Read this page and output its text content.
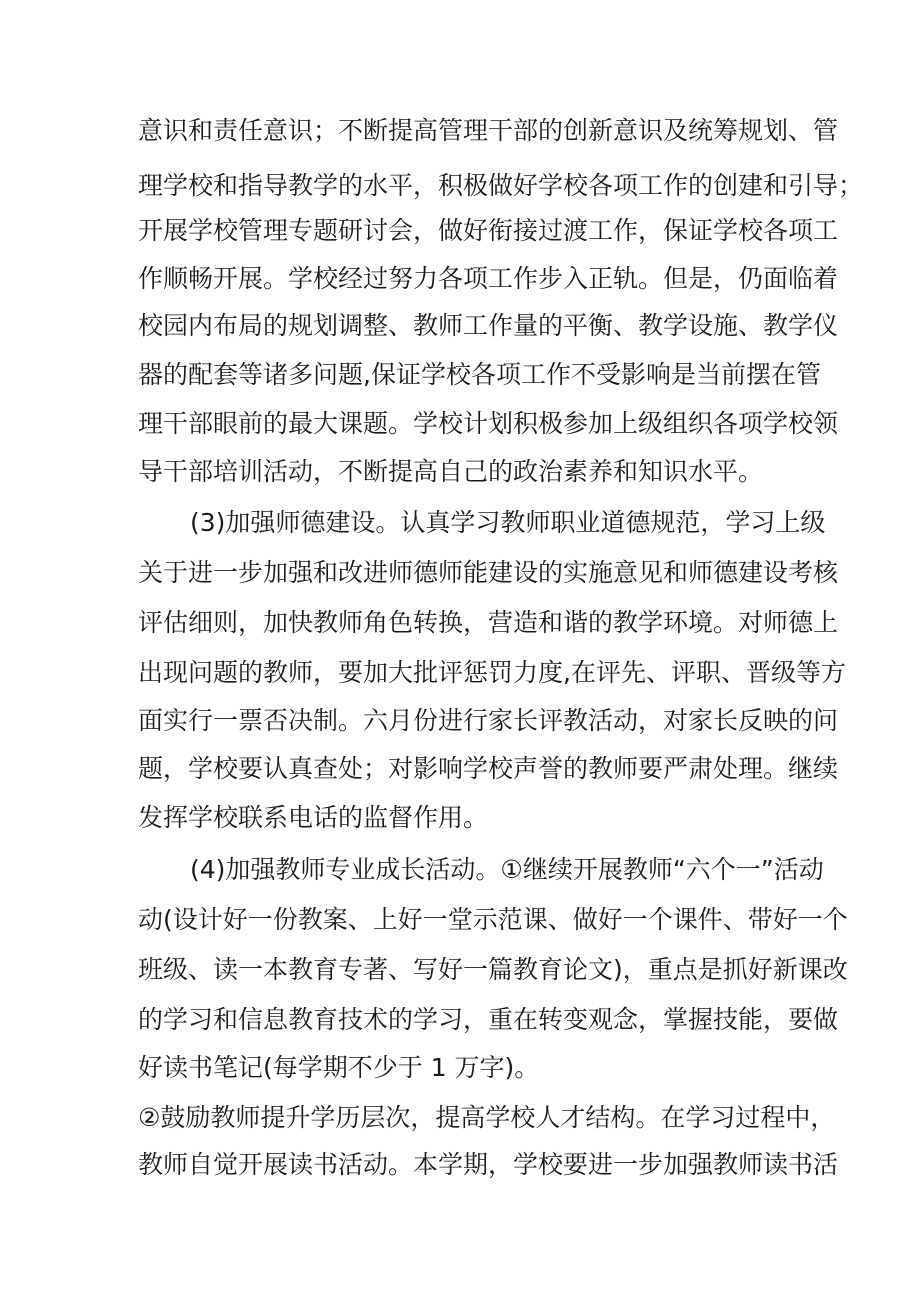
意识和责任意识；不断提高管理干部的创新意识及统筹规划、管
理学校和指导教学的水平，积极做好学校各项工作的创建和引导；
开展学校管理专题研讨会，做好衔接过渡工作，保证学校各项工
作顺畅开展。学校经过努力各项工作步入正轨。但是，仍面临着
校园内布局的规划调整、教师工作量的平衡、教学设施、教学仪
器的配套等诸多问题,保证学校各项工作不受影响是当前摆在管
理干部眼前的最大课题。学校计划积极参加上级组织各项学校领
导干部培训活动，不断提高自己的政治素养和知识水平。
(3)加强师德建设。认真学习教师职业道德规范，学习上级
关于进一步加强和改进师德师能建设的实施意见和师德建设考核
评估细则，加快教师角色转换，营造和谐的教学环境。对师德上
出现问题的教师，要加大批评惩罚力度,在评先、评职、晋级等方
面实行一票否决制。六月份进行家长评教活动，对家长反映的问
题，学校要认真查处；对影响学校声誉的教师要严肃处理。继续
发挥学校联系电话的监督作用。
(4)加强教师专业成长活动。①继续开展教师“六个一”活动
动(设计好一份教案、上好一堂示范课、做好一个课件、带好一个
班级、读一本教育专著、写好一篇教育论文)，重点是抓好新课改
的学习和信息教育技术的学习，重在转变观念，掌握技能，要做
好读书笔记(每学期不少于 1 万字)。
②鼓励教师提升学历层次，提高学校人才结构。在学习过程中，
教师自觉开展读书活动。本学期，学校要进一步加强教师读书活
